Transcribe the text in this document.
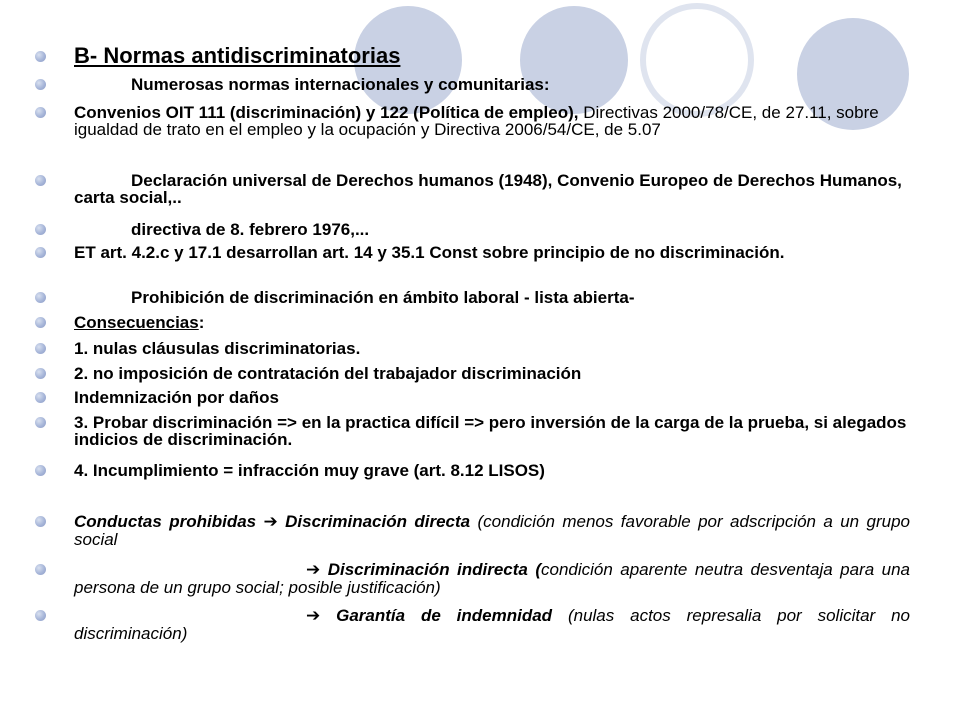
B- Normas antidiscriminatorias
Numerosas normas internacionales y comunitarias:
Convenios OIT 111 (discriminación) y 122 (Política de empleo), Directivas 2000/78/CE, de 27.11, sobre igualdad de trato en el empleo y la ocupación y Directiva 2006/54/CE, de 5.07
Declaración universal de Derechos humanos (1948), Convenio Europeo de Derechos Humanos, carta social,..
directiva de 8. febrero 1976,...
ET art. 4.2.c y 17.1 desarrollan art. 14 y 35.1 Const sobre principio de no discriminación.
Prohibición de discriminación en ámbito laboral - lista abierta-
Consecuencias:
1. nulas cláusulas discriminatorias.
2. no imposición de contratación del trabajador discriminación
Indemnización por daños
3. Probar discriminación => en la practica difícil => pero inversión de la carga de la prueba, si alegados indicios de discriminación.
4. Incumplimiento = infracción muy grave (art. 8.12 LISOS)
Conductas prohibidas ➔ Discriminación directa (condición menos favorable por adscripción a un grupo social
➔ Discriminación indirecta (condición aparente neutra desventaja para una persona de un grupo social; posible justificación)
➔ Garantía de indemnidad (nulas actos represalia por solicitar no discriminación)
